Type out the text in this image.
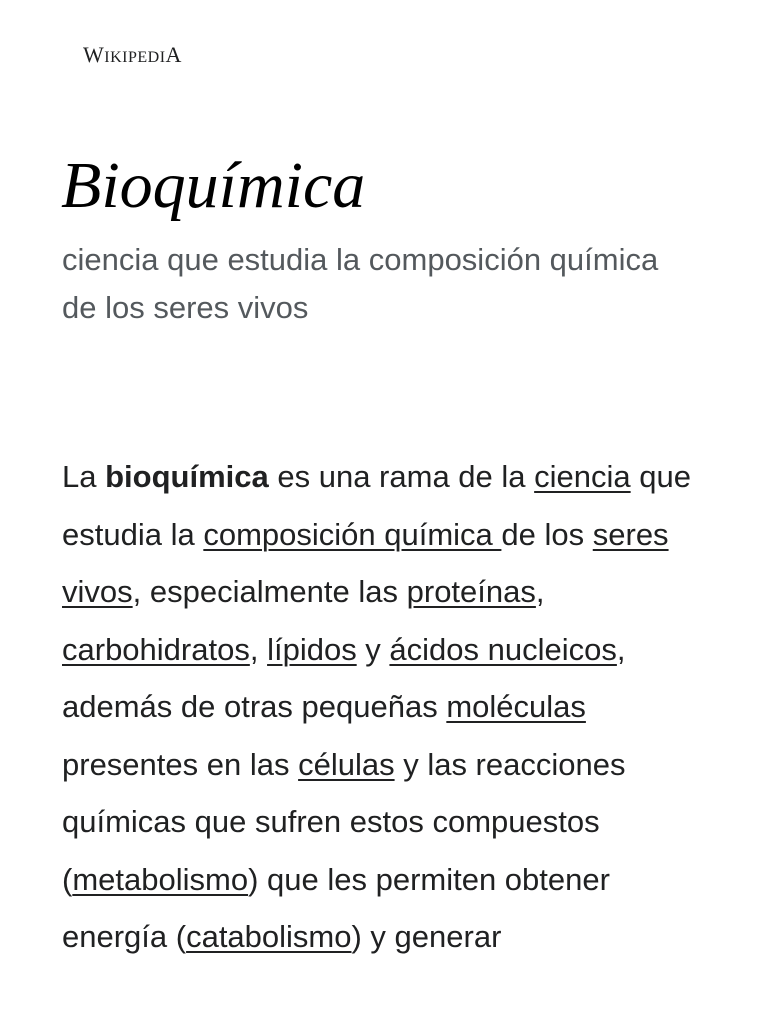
WIKIPEDIA
Bioquímica

ciencia que estudia la composición química de los seres vivos

La bioquímica es una rama de la ciencia que estudia la composición química de los seres vivos, especialmente las proteínas, carbohidratos, lípidos y ácidos nucleicos, además de otras pequeñas moléculas presentes en las células y las reacciones químicas que sufren estos compuestos (metabolismo) que les permiten obtener energía (catabolismo) y generar
